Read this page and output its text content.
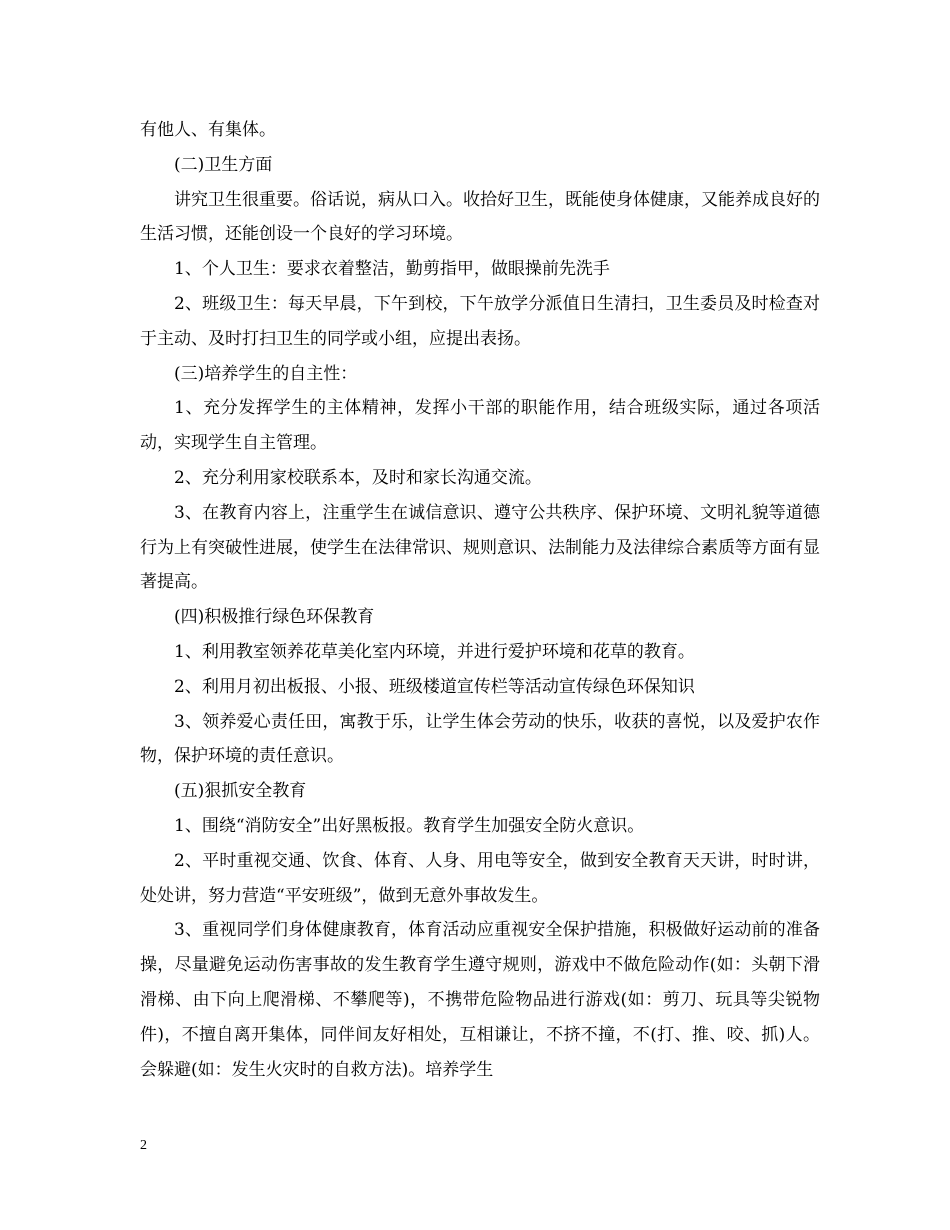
有他人、有集体。

(二)卫生方面

讲究卫生很重要。俗话说，病从口入。收拾好卫生，既能使身体健康，又能养成良好的生活习惯，还能创设一个良好的学习环境。

1、个人卫生：要求衣着整洁，勤剪指甲，做眼操前先洗手

2、班级卫生：每天早晨，下午到校，下午放学分派值日生清扫，卫生委员及时检查对于主动、及时打扫卫生的同学或小组，应提出表扬。

(三)培养学生的自主性：

1、充分发挥学生的主体精神，发挥小干部的职能作用，结合班级实际，通过各项活动，实现学生自主管理。

2、充分利用家校联系本，及时和家长沟通交流。

3、在教育内容上，注重学生在诚信意识、遵守公共秩序、保护环境、文明礼貌等道德行为上有突破性进展，使学生在法律常识、规则意识、法制能力及法律综合素质等方面有显著提高。

(四)积极推行绿色环保教育

1、利用教室领养花草美化室内环境，并进行爱护环境和花草的教育。

2、利用月初出板报、小报、班级楼道宣传栏等活动宣传绿色环保知识

3、领养爱心责任田，寓教于乐，让学生体会劳动的快乐，收获的喜悦，以及爱护农作物，保护环境的责任意识。

(五)狠抓安全教育

1、围绕“消防安全”出好黑板报。教育学生加强安全防火意识。

2、平时重视交通、饮食、体育、人身、用电等安全，做到安全教育天天讲，时时讲，处处讲，努力营造“平安班级”，做到无意外事故发生。

3、重视同学们身体健康教育，体育活动应重视安全保护措施，积极做好运动前的准备操，尽量避免运动伤害事故的发生教育学生遵守规则，游戏中不做危险动作(如：头朝下滑滑梯、由下向上爬滑梯、不攀爬等)，不携带危险物品进行游戏(如：剪刀、玩具等尖锐物件)，不擅自离开集体，同伴间友好相处，互相谦让，不挤不撞，不(打、推、咬、抓)人。会躲避(如：发生火灾时的自救方法)。培养学生

2
